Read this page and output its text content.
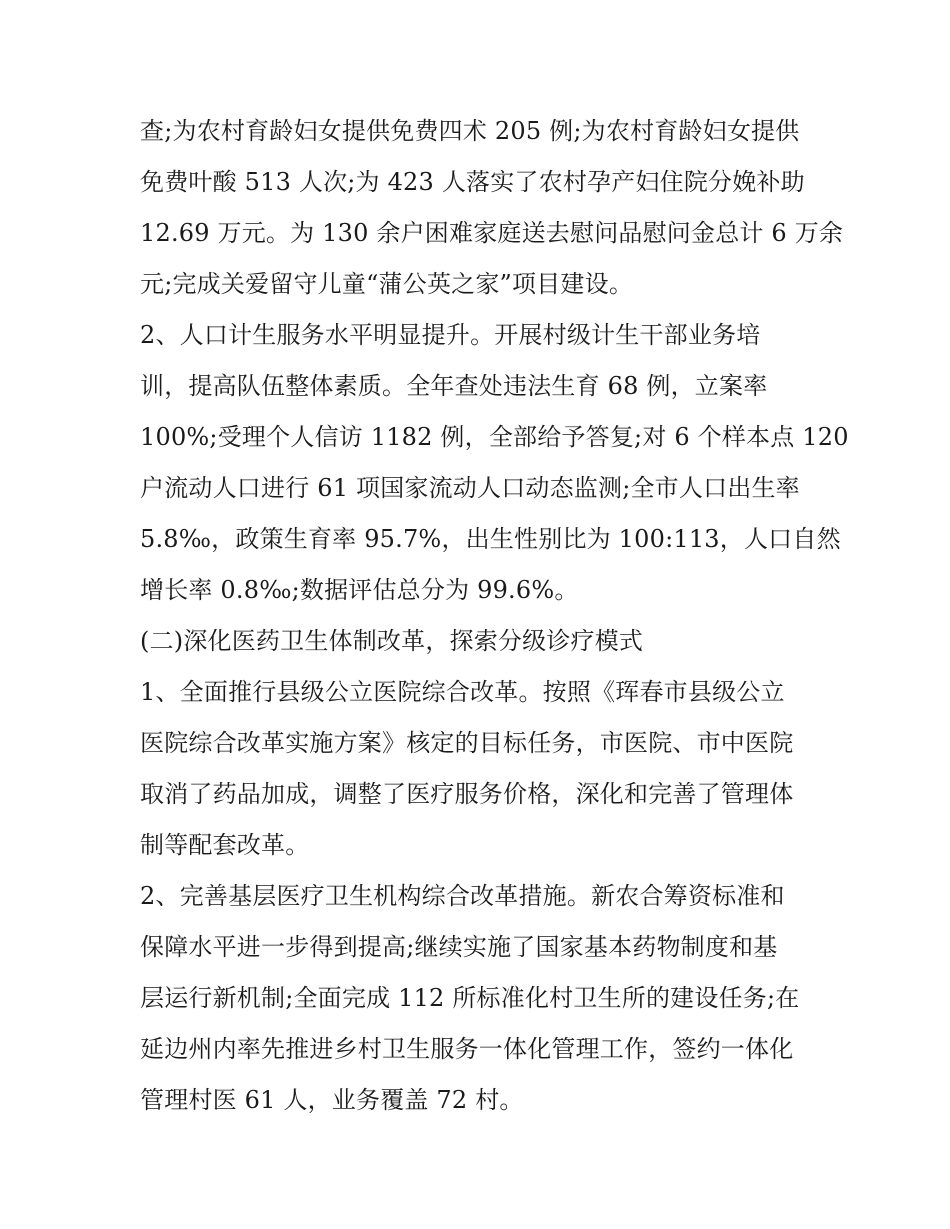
查;为农村育龄妇女提供免费四术 205 例;为农村育龄妇女提供
免费叶酸 513 人次;为 423 人落实了农村孕产妇住院分娩补助
12.69 万元。为 130 余户困难家庭送去慰问品慰问金总计 6 万余
元;完成关爱留守儿童“蒲公英之家”项目建设。
2、人口计生服务水平明显提升。开展村级计生干部业务培
训，提高队伍整体素质。全年查处违法生育 68 例，立案率
100%;受理个人信访 1182 例，全部给予答复;对 6 个样本点 120
户流动人口进行 61 项国家流动人口动态监测;全市人口出生率
5.8‰，政策生育率 95.7%，出生性别比为 100:113，人口自然
增长率 0.8‰;数据评估总分为 99.6%。
(二)深化医药卫生体制改革，探索分级诊疗模式
1、全面推行县级公立医院综合改革。按照《珲春市县级公立
医院综合改革实施方案》核定的目标任务，市医院、市中医院
取消了药品加成，调整了医疗服务价格，深化和完善了管理体
制等配套改革。
2、完善基层医疗卫生机构综合改革措施。新农合筹资标准和
保障水平进一步得到提高;继续实施了国家基本药物制度和基
层运行新机制;全面完成 112 所标准化村卫生所的建设任务;在
延边州内率先推进乡村卫生服务一体化管理工作，签约一体化
管理村医 61 人，业务覆盖 72 村。
